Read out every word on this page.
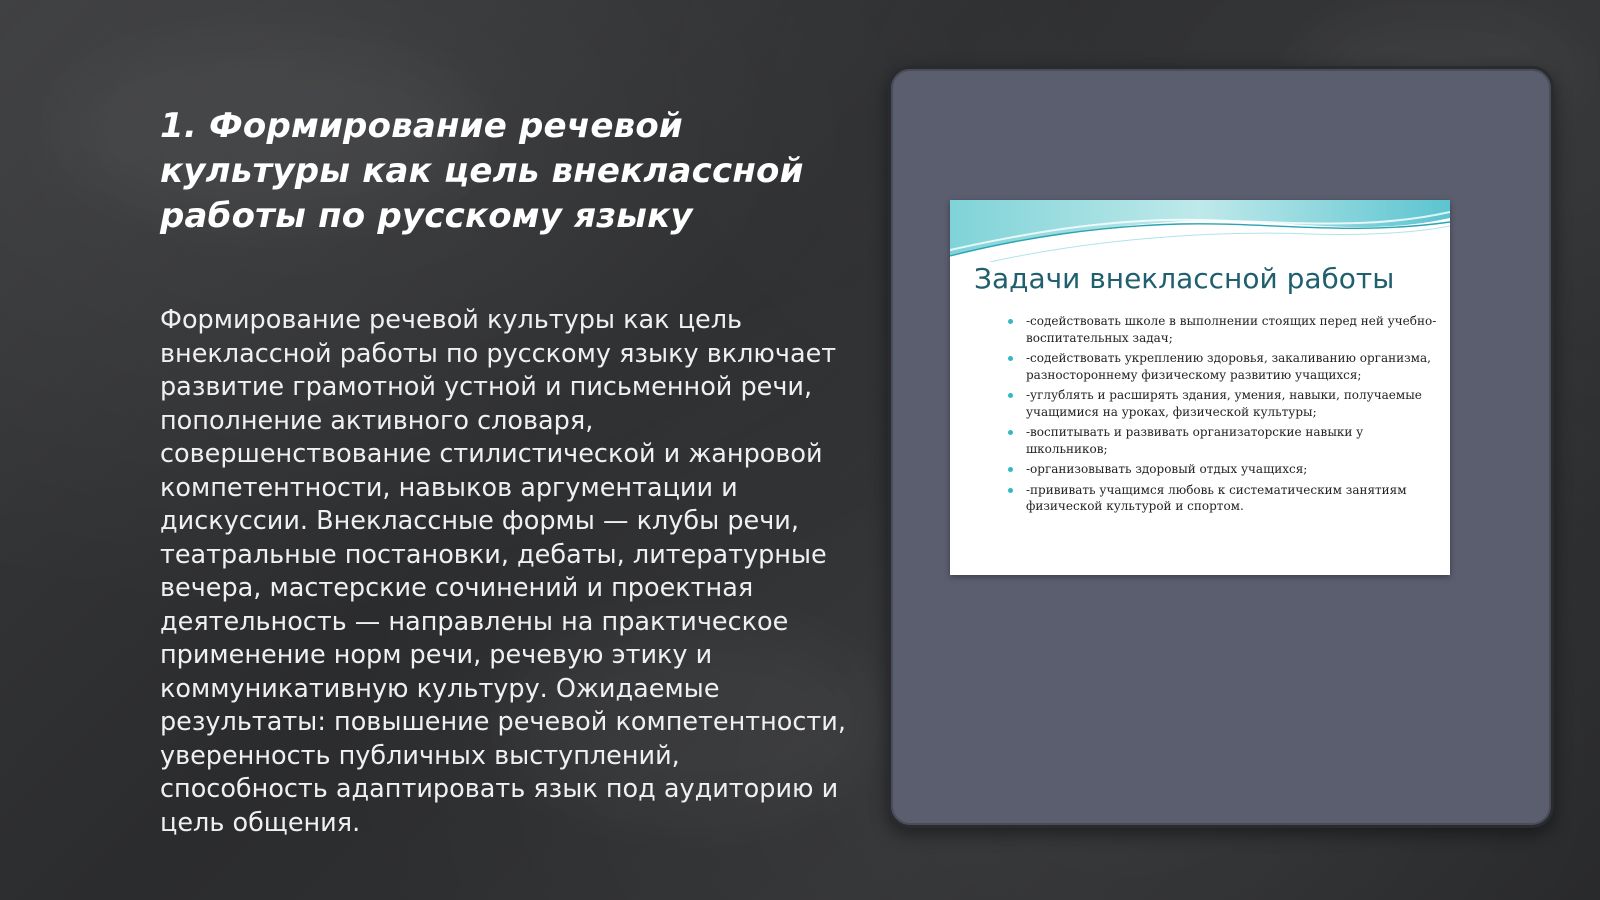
1. Формирование речевой культуры как цель внеклассной работы по русскому языку

Формирование речевой культуры как цель внеклассной работы по русскому языку включает развитие грамотной устной и письменной речи, пополнение активного словаря, совершенствование стилистической и жанровой компетентности, навыков аргументации и дискуссии. Внеклассные формы — клубы речи, театральные постановки, дебаты, литературные вечера, мастерские сочинений и проектная деятельность — направлены на практическое применение норм речи, речевую этику и коммуникативную культуру. Ожидаемые результаты: повышение речевой компетентности, уверенность публичных выступлений, способность адаптировать язык под аудиторию и цель общения.

Задачи внеклассной работы
-содействовать школе в выполнении стоящих перед ней учебно-воспитательных задач;
-содействовать укреплению здоровья, закаливанию организма, разностороннему физическому развитию учащихся;
-углублять и расширять здания, умения, навыки, получаемые учащимися на уроках, физической культуры;
-воспитывать и развивать организаторские навыки у школьников;
-организовывать здоровый отдых учащихся;
-прививать учащимся любовь к систематическим занятиям физической культурой и спортом.
